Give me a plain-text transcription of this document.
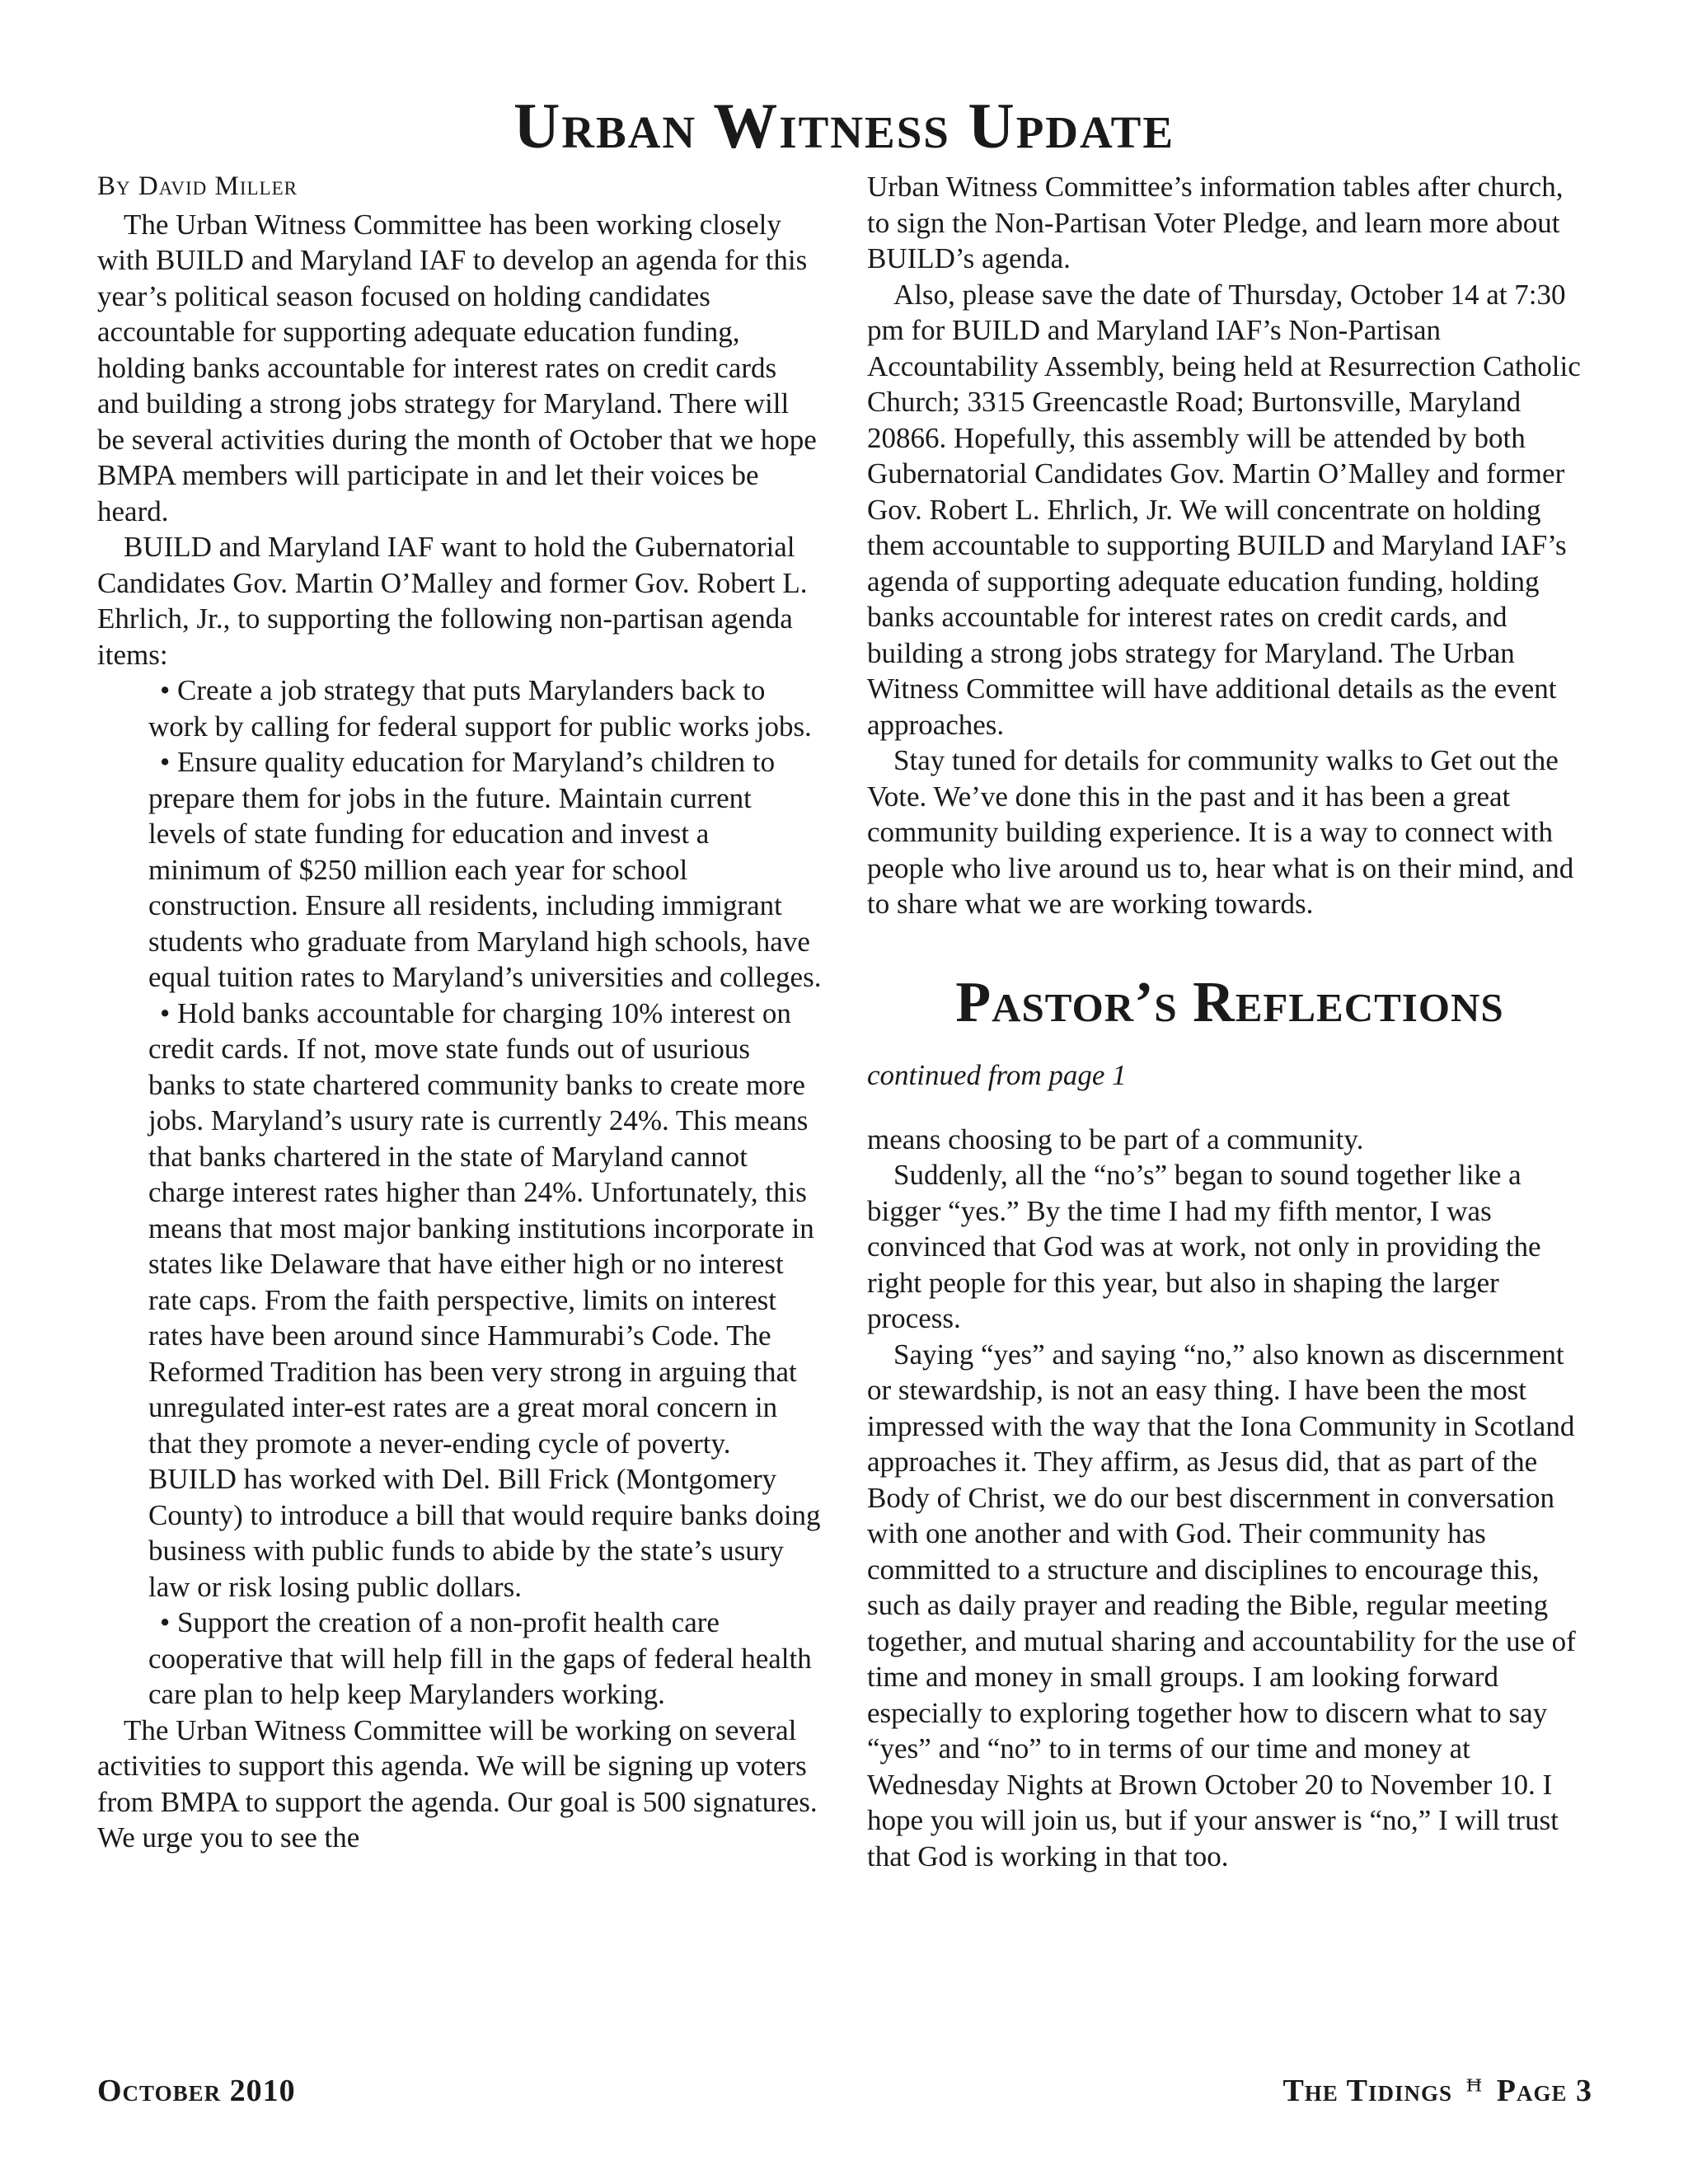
Urban Witness Update

By David Miller

The Urban Witness Committee has been working closely with BUILD and Maryland IAF to develop an agenda for this year’s political season focused on holding candidates accountable for supporting adequate education funding, holding banks accountable for interest rates on credit cards and building a strong jobs strategy for Maryland. There will be several activities during the month of October that we hope BMPA members will participate in and let their voices be heard.

BUILD and Maryland IAF want to hold the Gubernatorial Candidates Gov. Martin O’Malley and former Gov. Robert L. Ehrlich, Jr., to supporting the following non-partisan agenda items:

• Create a job strategy that puts Marylanders back to work by calling for federal support for public works jobs.

• Ensure quality education for Maryland’s children to prepare them for jobs in the future. Maintain current levels of state funding for education and invest a minimum of $250 million each year for school construction. Ensure all residents, including immigrant students who graduate from Maryland high schools, have equal tuition rates to Maryland’s universities and colleges.

• Hold banks accountable for charging 10% interest on credit cards. If not, move state funds out of usurious banks to state chartered community banks to create more jobs. Maryland’s usury rate is currently 24%. This means that banks chartered in the state of Maryland cannot charge interest rates higher than 24%. Unfortunately, this means that most major banking institutions incorporate in states like Delaware that have either high or no interest rate caps. From the faith perspective, limits on interest rates have been around since Hammurabi’s Code. The Reformed Tradition has been very strong in arguing that unregulated inter-est rates are a great moral concern in that they promote a never-ending cycle of poverty. BUILD has worked with Del. Bill Frick (Montgomery County) to introduce a bill that would require banks doing business with public funds to abide by the state’s usury law or risk losing public dollars.

• Support the creation of a non-profit health care cooperative that will help fill in the gaps of federal health care plan to help keep Marylanders working.

The Urban Witness Committee will be working on several activities to support this agenda. We will be signing up voters from BMPA to support the agenda. Our goal is 500 signatures. We urge you to see the

Urban Witness Committee’s information tables after church, to sign the Non-Partisan Voter Pledge, and learn more about BUILD’s agenda.

Also, please save the date of Thursday, October 14 at 7:30 pm for BUILD and Maryland IAF’s Non-Partisan Accountability Assembly, being held at Resurrection Catholic Church; 3315 Greencastle Road; Burtonsville, Maryland 20866. Hopefully, this assembly will be attended by both Gubernatorial Candidates Gov. Martin O’Malley and former Gov. Robert L. Ehrlich, Jr. We will concentrate on holding them accountable to supporting BUILD and Maryland IAF’s agenda of supporting adequate education funding, holding banks accountable for interest rates on credit cards, and building a strong jobs strategy for Maryland. The Urban Witness Committee will have additional details as the event approaches.

Stay tuned for details for community walks to Get out the Vote. We’ve done this in the past and it has been a great community building experience. It is a way to connect with people who live around us to, hear what is on their mind, and to share what we are working towards.

Pastor’s Reflections

continued from page 1

means choosing to be part of a community.

Suddenly, all the “no’s” began to sound together like a bigger “yes.” By the time I had my fifth mentor, I was convinced that God was at work, not only in providing the right people for this year, but also in shaping the larger process.

Saying “yes” and saying “no,” also known as discernment or stewardship, is not an easy thing. I have been the most impressed with the way that the Iona Community in Scotland approaches it. They affirm, as Jesus did, that as part of the Body of Christ, we do our best discernment in conversation with one another and with God. Their community has committed to a structure and disciplines to encourage this, such as daily prayer and reading the Bible, regular meeting together, and mutual sharing and accountability for the use of time and money in small groups. I am looking forward especially to exploring together how to discern what to say “yes” and “no” to in terms of our time and money at Wednesday Nights at Brown October 20 to November 10. I hope you will join us, but if your answer is “no,” I will trust that God is working in that too.

October 2010	The Tidings ꟸ Page 3
